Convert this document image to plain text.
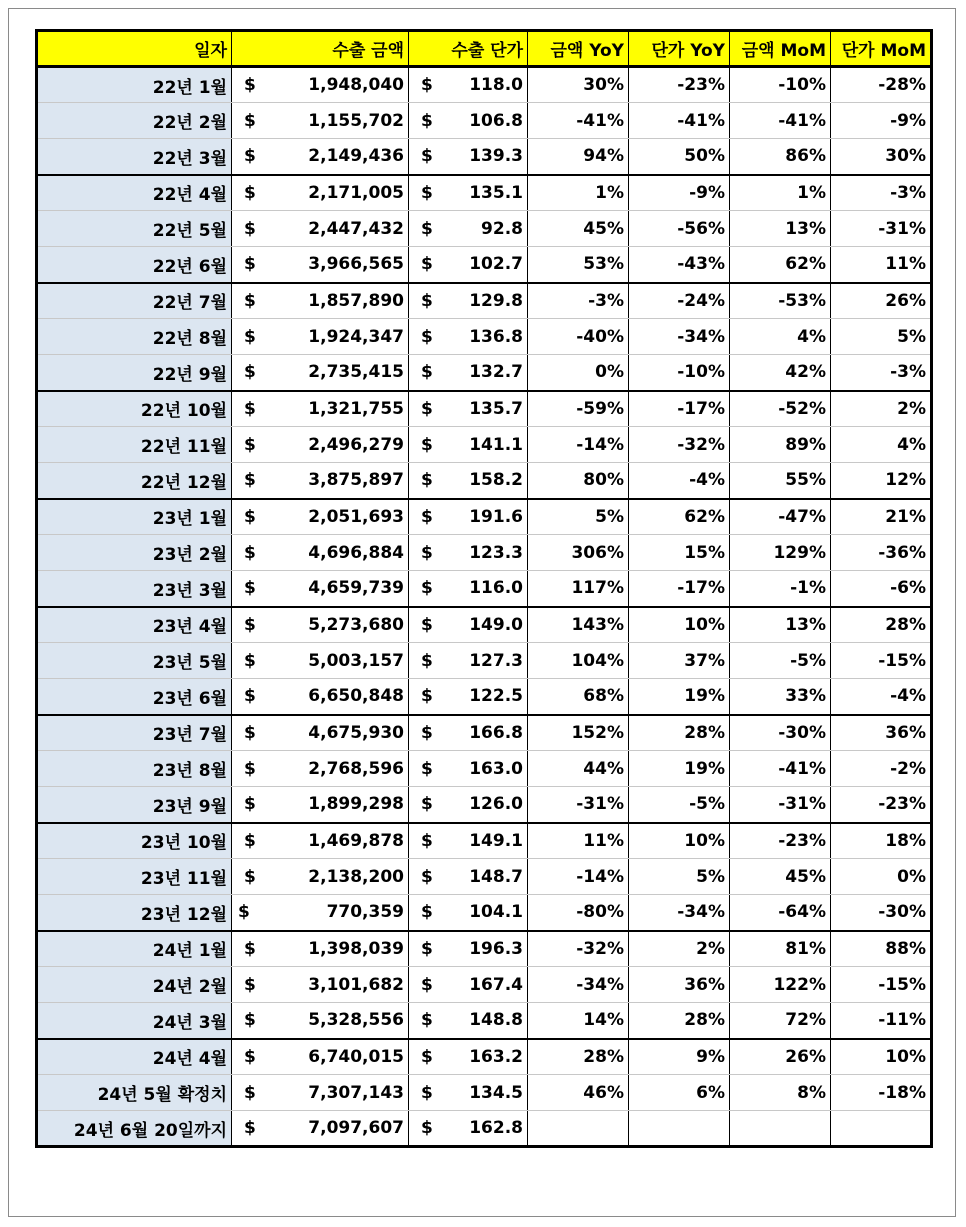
일자	수출 금액	수출 단가	금액 YoY	단가 YoY	금액 MoM	단가 MoM
22년 1월	$ 1,948,040	$ 118.0	30%	-23%	-10%	-28%
22년 2월	$ 1,155,702	$ 106.8	-41%	-41%	-41%	-9%
22년 3월	$ 2,149,436	$ 139.3	94%	50%	86%	30%
22년 4월	$ 2,171,005	$ 135.1	1%	-9%	1%	-3%
22년 5월	$ 2,447,432	$ 92.8	45%	-56%	13%	-31%
22년 6월	$ 3,966,565	$ 102.7	53%	-43%	62%	11%
22년 7월	$ 1,857,890	$ 129.8	-3%	-24%	-53%	26%
22년 8월	$ 1,924,347	$ 136.8	-40%	-34%	4%	5%
22년 9월	$ 2,735,415	$ 132.7	0%	-10%	42%	-3%
22년 10월	$ 1,321,755	$ 135.7	-59%	-17%	-52%	2%
22년 11월	$ 2,496,279	$ 141.1	-14%	-32%	89%	4%
22년 12월	$ 3,875,897	$ 158.2	80%	-4%	55%	12%
23년 1월	$ 2,051,693	$ 191.6	5%	62%	-47%	21%
23년 2월	$ 4,696,884	$ 123.3	306%	15%	129%	-36%
23년 3월	$ 4,659,739	$ 116.0	117%	-17%	-1%	-6%
23년 4월	$ 5,273,680	$ 149.0	143%	10%	13%	28%
23년 5월	$ 5,003,157	$ 127.3	104%	37%	-5%	-15%
23년 6월	$ 6,650,848	$ 122.5	68%	19%	33%	-4%
23년 7월	$ 4,675,930	$ 166.8	152%	28%	-30%	36%
23년 8월	$ 2,768,596	$ 163.0	44%	19%	-41%	-2%
23년 9월	$ 1,899,298	$ 126.0	-31%	-5%	-31%	-23%
23년 10월	$ 1,469,878	$ 149.1	11%	10%	-23%	18%
23년 11월	$ 2,138,200	$ 148.7	-14%	5%	45%	0%
23년 12월	$ 770,359	$ 104.1	-80%	-34%	-64%	-30%
24년 1월	$ 1,398,039	$ 196.3	-32%	2%	81%	88%
24년 2월	$ 3,101,682	$ 167.4	-34%	36%	122%	-15%
24년 3월	$ 5,328,556	$ 148.8	14%	28%	72%	-11%
24년 4월	$ 6,740,015	$ 163.2	28%	9%	26%	10%
24년 5월 확정치	$ 7,307,143	$ 134.5	46%	6%	8%	-18%
24년 6월 20일까지	$ 7,097,607	$ 162.8				
